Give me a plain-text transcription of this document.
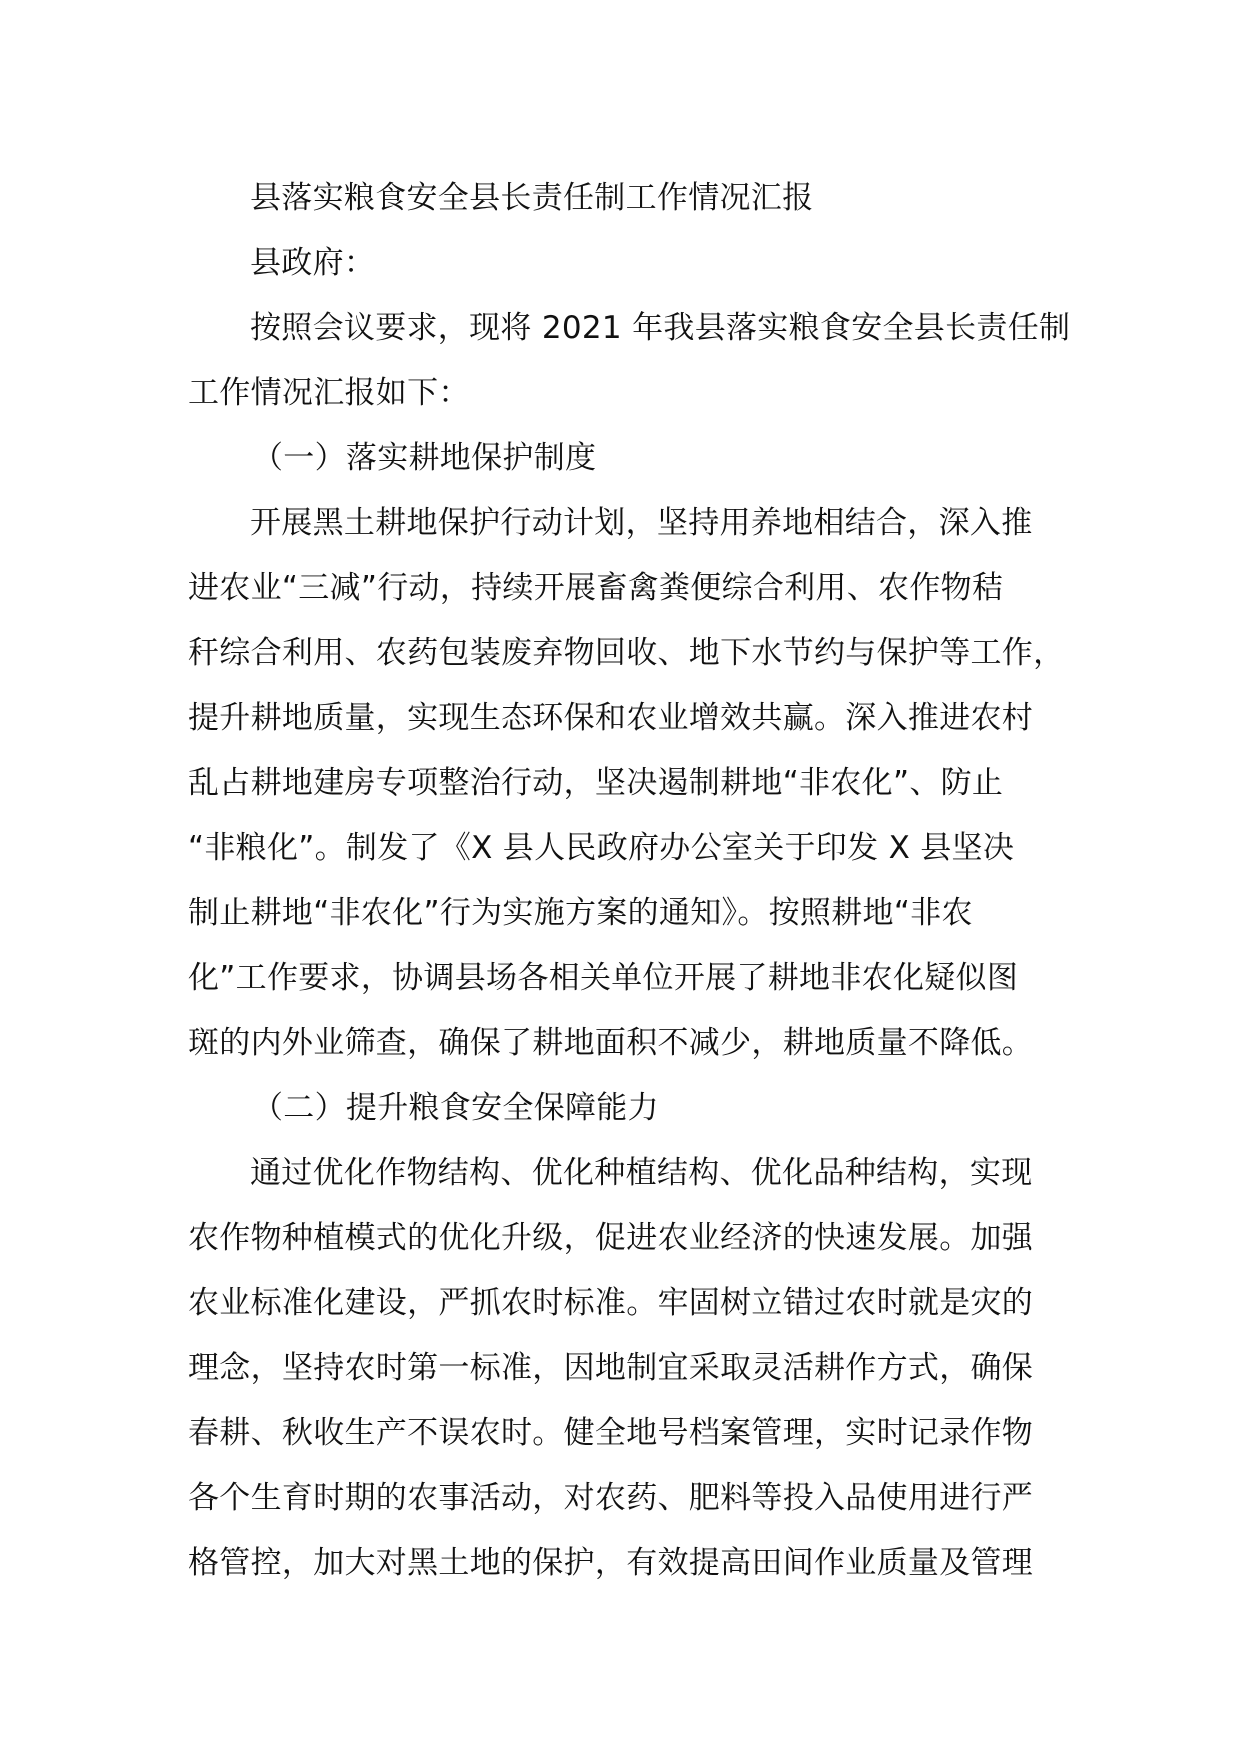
县落实粮食安全县长责任制工作情况汇报
县政府：
按照会议要求，现将 2021 年我县落实粮食安全县长责任制
工作情况汇报如下：
（一）落实耕地保护制度
开展黑土耕地保护行动计划，坚持用养地相结合，深入推
进农业“三减”行动，持续开展畜禽粪便综合利用、农作物秸
秆综合利用、农药包装废弃物回收、地下水节约与保护等工作，
提升耕地质量，实现生态环保和农业增效共赢。深入推进农村
乱占耕地建房专项整治行动，坚决遏制耕地“非农化”、防止
“非粮化”。制发了《X 县人民政府办公室关于印发 X 县坚决
制止耕地“非农化”行为实施方案的通知》。按照耕地“非农
化”工作要求，协调县场各相关单位开展了耕地非农化疑似图
斑的内外业筛查，确保了耕地面积不减少，耕地质量不降低。
（二）提升粮食安全保障能力
通过优化作物结构、优化种植结构、优化品种结构，实现
农作物种植模式的优化升级，促进农业经济的快速发展。加强
农业标准化建设，严抓农时标准。牢固树立错过农时就是灾的
理念，坚持农时第一标准，因地制宜采取灵活耕作方式，确保
春耕、秋收生产不误农时。健全地号档案管理，实时记录作物
各个生育时期的农事活动，对农药、肥料等投入品使用进行严
格管控，加大对黑土地的保护，有效提高田间作业质量及管理
